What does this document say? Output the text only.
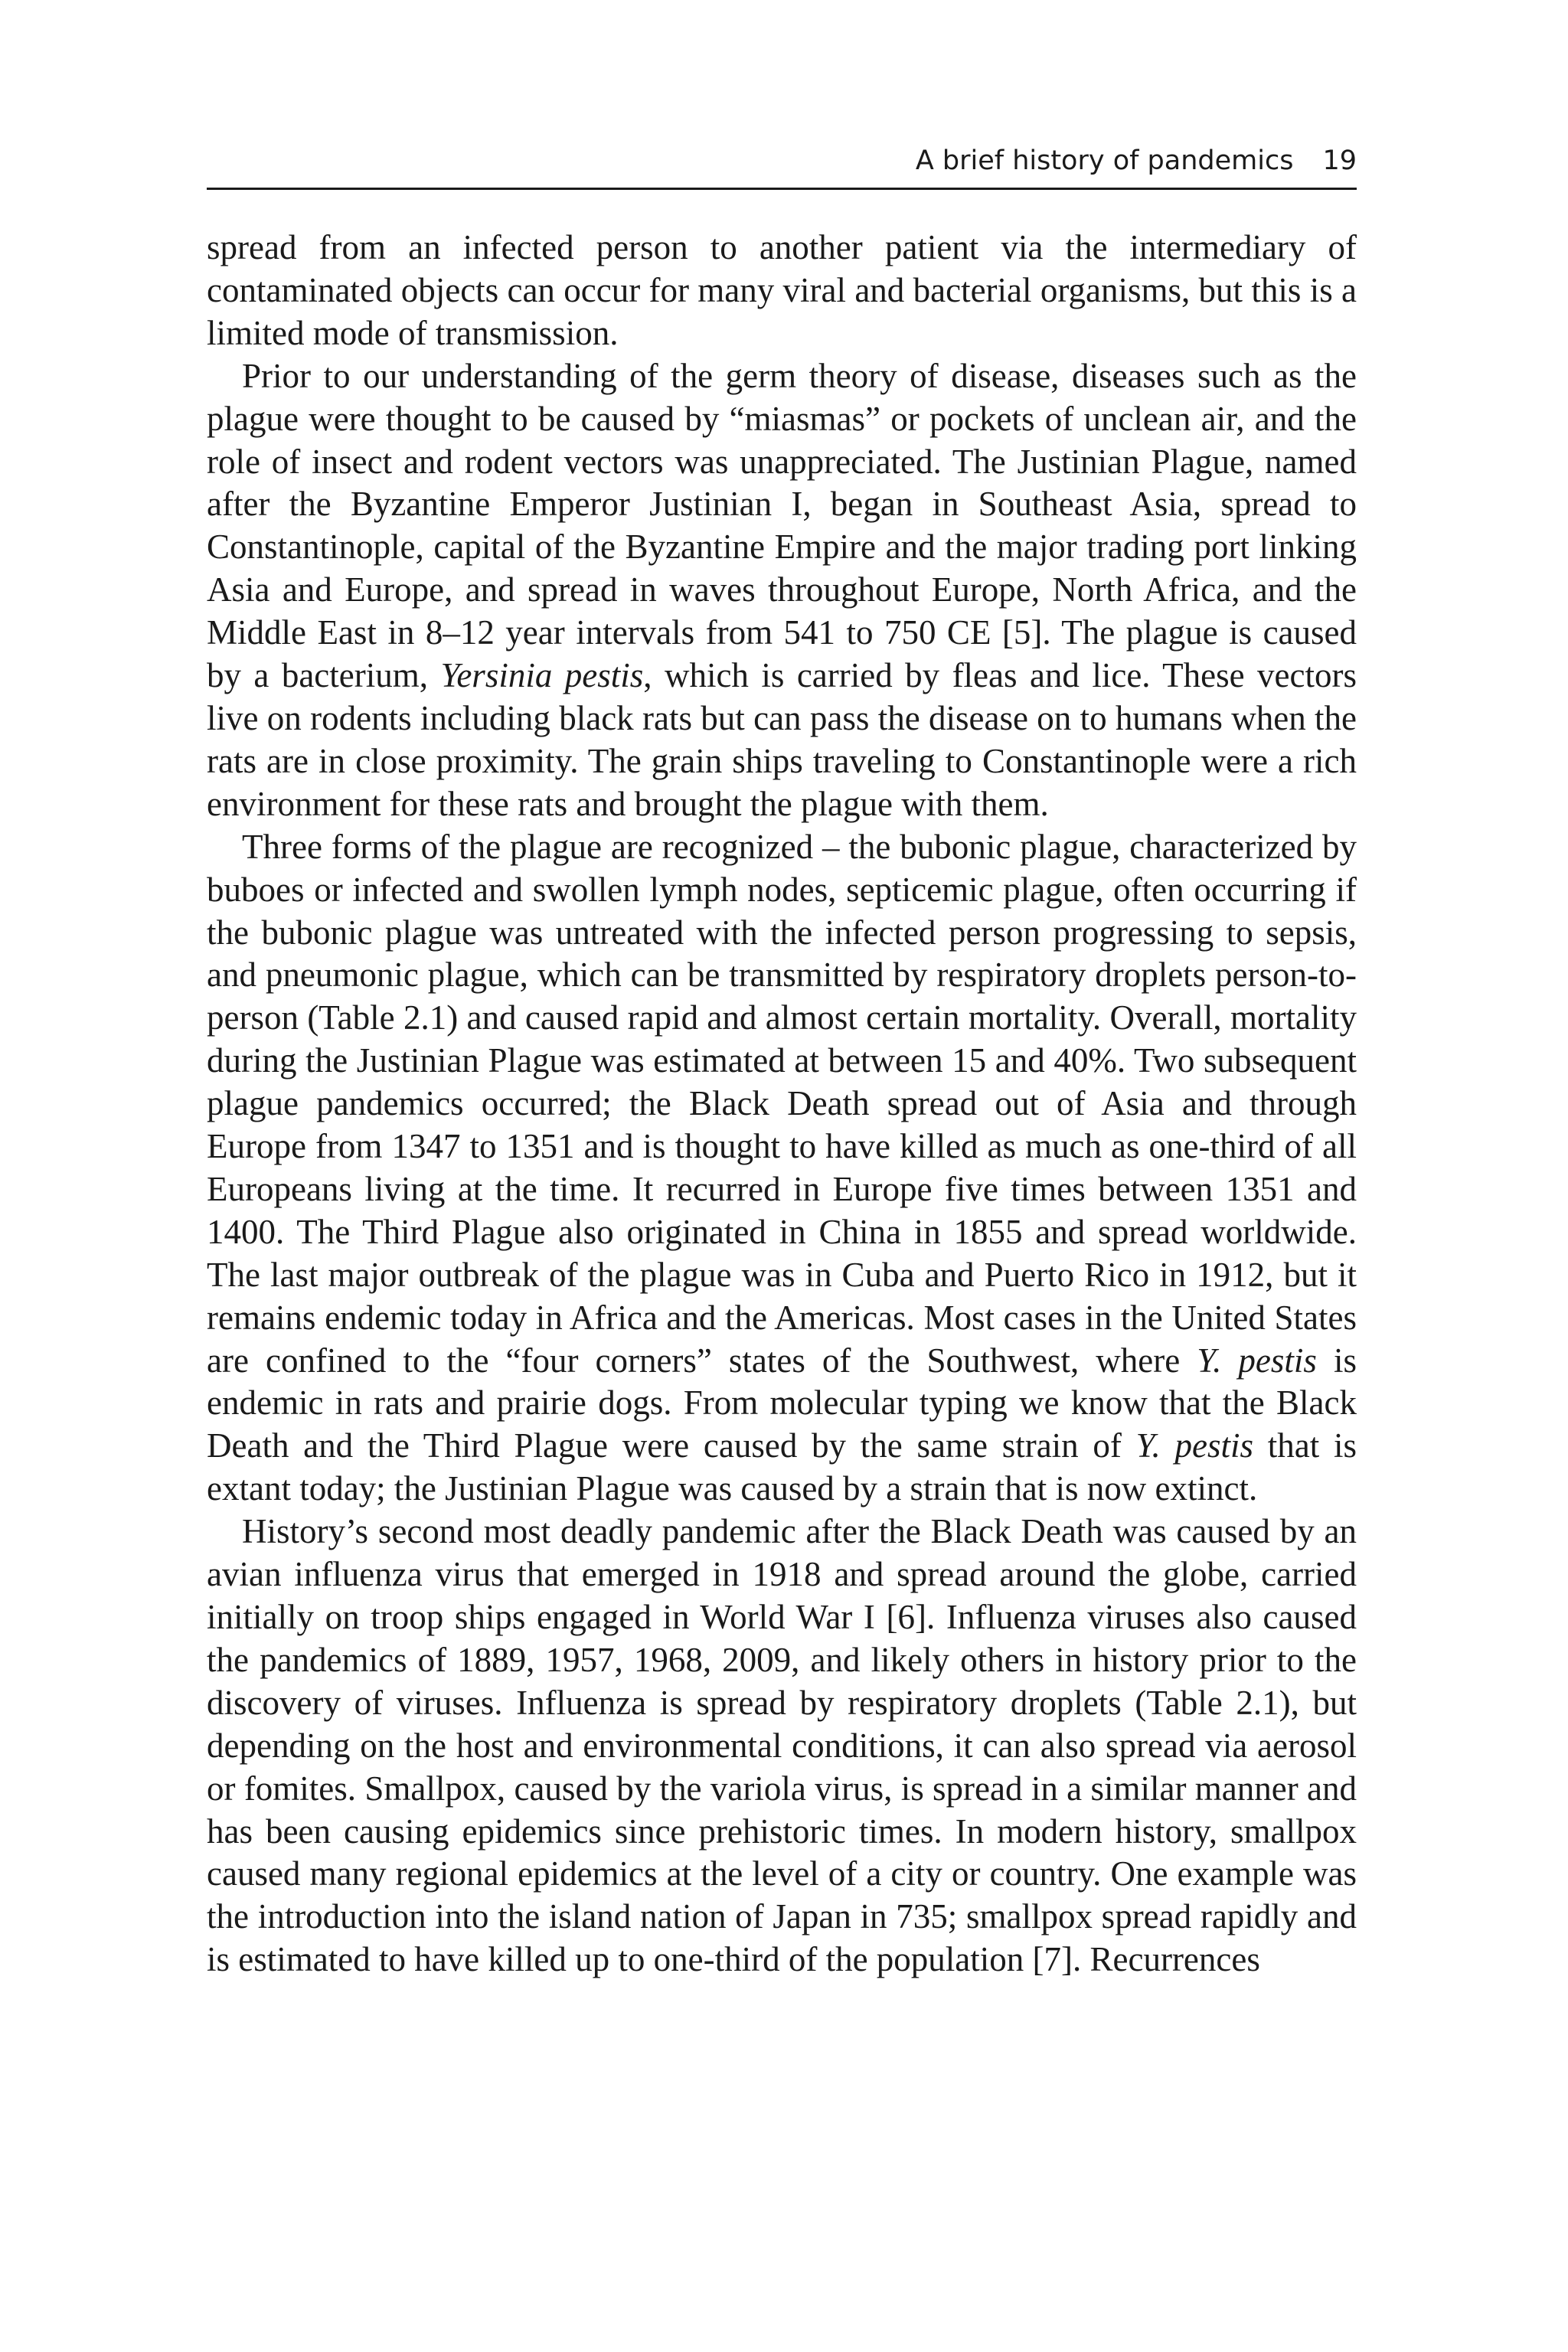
A brief history of pandemics 19

spread from an infected person to another patient via the intermediary of contaminated objects can occur for many viral and bacterial organisms, but this is a limited mode of transmission.

Prior to our understanding of the germ theory of disease, diseases such as the plague were thought to be caused by “miasmas” or pockets of unclean air, and the role of insect and rodent vectors was unappreciated. The Justinian Plague, named after the Byzantine Emperor Justinian I, began in Southeast Asia, spread to Constantinople, capital of the Byzantine Empire and the major trading port linking Asia and Europe, and spread in waves throughout Europe, North Africa, and the Middle East in 8–12 year intervals from 541 to 750 CE [5]. The plague is caused by a bacterium, Yersinia pestis, which is carried by fleas and lice. These vectors live on rodents including black rats but can pass the disease on to humans when the rats are in close proximity. The grain ships traveling to Constantinople were a rich environment for these rats and brought the plague with them.

Three forms of the plague are recognized – the bubonic plague, characterized by buboes or infected and swollen lymph nodes, septicemic plague, often occurring if the bubonic plague was untreated with the infected person progressing to sepsis, and pneumonic plague, which can be transmitted by respiratory droplets person-to-person (Table 2.1) and caused rapid and almost certain mortality. Overall, mortality during the Justinian Plague was estimated at between 15 and 40%. Two subsequent plague pandemics occurred; the Black Death spread out of Asia and through Europe from 1347 to 1351 and is thought to have killed as much as one-third of all Europeans living at the time. It recurred in Europe five times between 1351 and 1400. The Third Plague also originated in China in 1855 and spread worldwide. The last major outbreak of the plague was in Cuba and Puerto Rico in 1912, but it remains endemic today in Africa and the Americas. Most cases in the United States are confined to the “four corners” states of the Southwest, where Y. pestis is endemic in rats and prairie dogs. From molecular typing we know that the Black Death and the Third Plague were caused by the same strain of Y. pestis that is extant today; the Justinian Plague was caused by a strain that is now extinct.

History’s second most deadly pandemic after the Black Death was caused by an avian influenza virus that emerged in 1918 and spread around the globe, carried initially on troop ships engaged in World War I [6]. Influenza viruses also caused the pandemics of 1889, 1957, 1968, 2009, and likely others in history prior to the discovery of viruses. Influenza is spread by respiratory droplets (Table 2.1), but depending on the host and environmental conditions, it can also spread via aerosol or fomites. Smallpox, caused by the variola virus, is spread in a similar manner and has been causing epidemics since prehistoric times. In modern history, smallpox caused many regional epidemics at the level of a city or country. One example was the introduction into the island nation of Japan in 735; smallpox spread rapidly and is estimated to have killed up to one-third of the population [7]. Recurrences
